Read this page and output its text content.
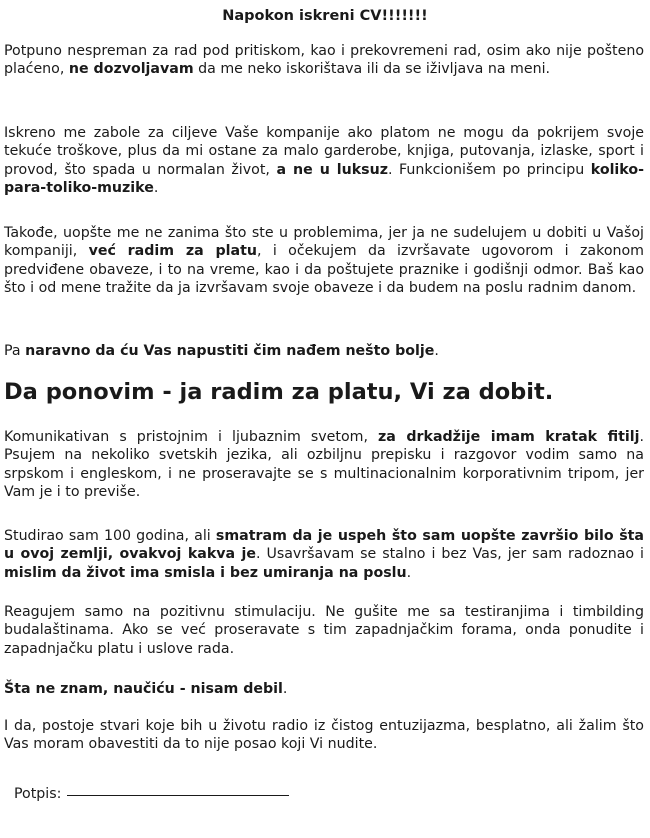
Napokon iskreni CV!!!!!!!

Potpuno nespreman za rad pod pritiskom, kao i prekovremeni rad, osim ako nije pošteno plaćeno, ne dozvoljavam da me neko iskorištava ili da se iživljava na meni.

Iskreno me zabole za ciljeve Vaše kompanije ako platom ne mogu da pokrijem svoje tekuće troškove, plus da mi ostane za malo garderobe, knjiga, putovanja, izlaske, sport i provod, što spada u normalan život, a ne u luksuz. Funkcionišem po principu koliko-para-toliko-muzike.

Takođe, uopšte me ne zanima što ste u problemima, jer ja ne sudelujem u dobiti u Vašoj kompaniji, već radim za platu, i očekujem da izvršavate ugovorom i zakonom predviđene obaveze, i to na vreme, kao i da poštujete praznike i godišnji odmor. Baš kao što i od mene tražite da ja izvršavam svoje obaveze i da budem na poslu radnim danom.

Pa naravno da ću Vas napustiti čim nađem nešto bolje.

Da ponovim - ja radim za platu, Vi za dobit.

Komunikativan s pristojnim i ljubaznim svetom, za drkadžije imam kratak fitilj. Psujem na nekoliko svetskih jezika, ali ozbiljnu prepisku i razgovor vodim samo na srpskom i engleskom, i ne proseravajte se s multinacionalnim korporativnim tripom, jer Vam je i to previše.

Studirao sam 100 godina, ali smatram da je uspeh što sam uopšte završio bilo šta u ovoj zemlji, ovakvoj kakva je. Usavršavam se stalno i bez Vas, jer sam radoznao i mislim da život ima smisla i bez umiranja na poslu.

Reagujem samo na pozitivnu stimulaciju. Ne gušite me sa testiranjima i timbilding budalaštinama. Ako se već proseravate s tim zapadnjačkim forama, onda ponudite i zapadnjačku platu i uslove rada.

Šta ne znam, naučiću - nisam debil.

I da, postoje stvari koje bih u životu radio iz čistog entuzijazma, besplatno, ali žalim što Vas moram obavestiti da to nije posao koji Vi nudite.

Potpis:
